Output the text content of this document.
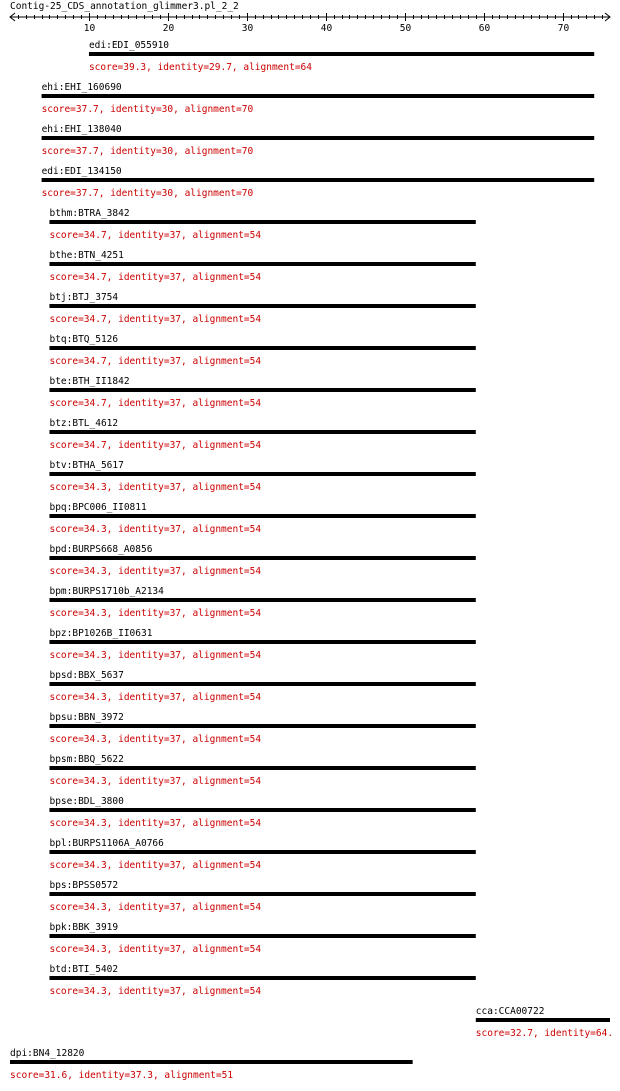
Contig-25_CDS_annotation_glimmer3.pl_2_2
10	20	30	40	50	60	70
edi:EDI_055910
score=39.3, identity=29.7, alignment=64
ehi:EHI_160690
score=37.7, identity=30, alignment=70
ehi:EHI_138040
score=37.7, identity=30, alignment=70
edi:EDI_134150
score=37.7, identity=30, alignment=70
bthm:BTRA_3842
score=34.7, identity=37, alignment=54
bthe:BTN_4251
score=34.7, identity=37, alignment=54
btj:BTJ_3754
score=34.7, identity=37, alignment=54
btq:BTQ_5126
score=34.7, identity=37, alignment=54
bte:BTH_II1842
score=34.7, identity=37, alignment=54
btz:BTL_4612
score=34.7, identity=37, alignment=54
btv:BTHA_5617
score=34.3, identity=37, alignment=54
bpq:BPC006_II0811
score=34.3, identity=37, alignment=54
bpd:BURPS668_A0856
score=34.3, identity=37, alignment=54
bpm:BURPS1710b_A2134
score=34.3, identity=37, alignment=54
bpz:BP1026B_II0631
score=34.3, identity=37, alignment=54
bpsd:BBX_5637
score=34.3, identity=37, alignment=54
bpsu:BBN_3972
score=34.3, identity=37, alignment=54
bpsm:BBQ_5622
score=34.3, identity=37, alignment=54
bpse:BDL_3800
score=34.3, identity=37, alignment=54
bpl:BURPS1106A_A0766
score=34.3, identity=37, alignment=54
bps:BPSS0572
score=34.3, identity=37, alignment=54
bpk:BBK_3919
score=34.3, identity=37, alignment=54
btd:BTI_5402
score=34.3, identity=37, alignment=54
cca:CCA00722
score=32.7, identity=64.
dpi:BN4_12820
score=31.6, identity=37.3, alignment=51
